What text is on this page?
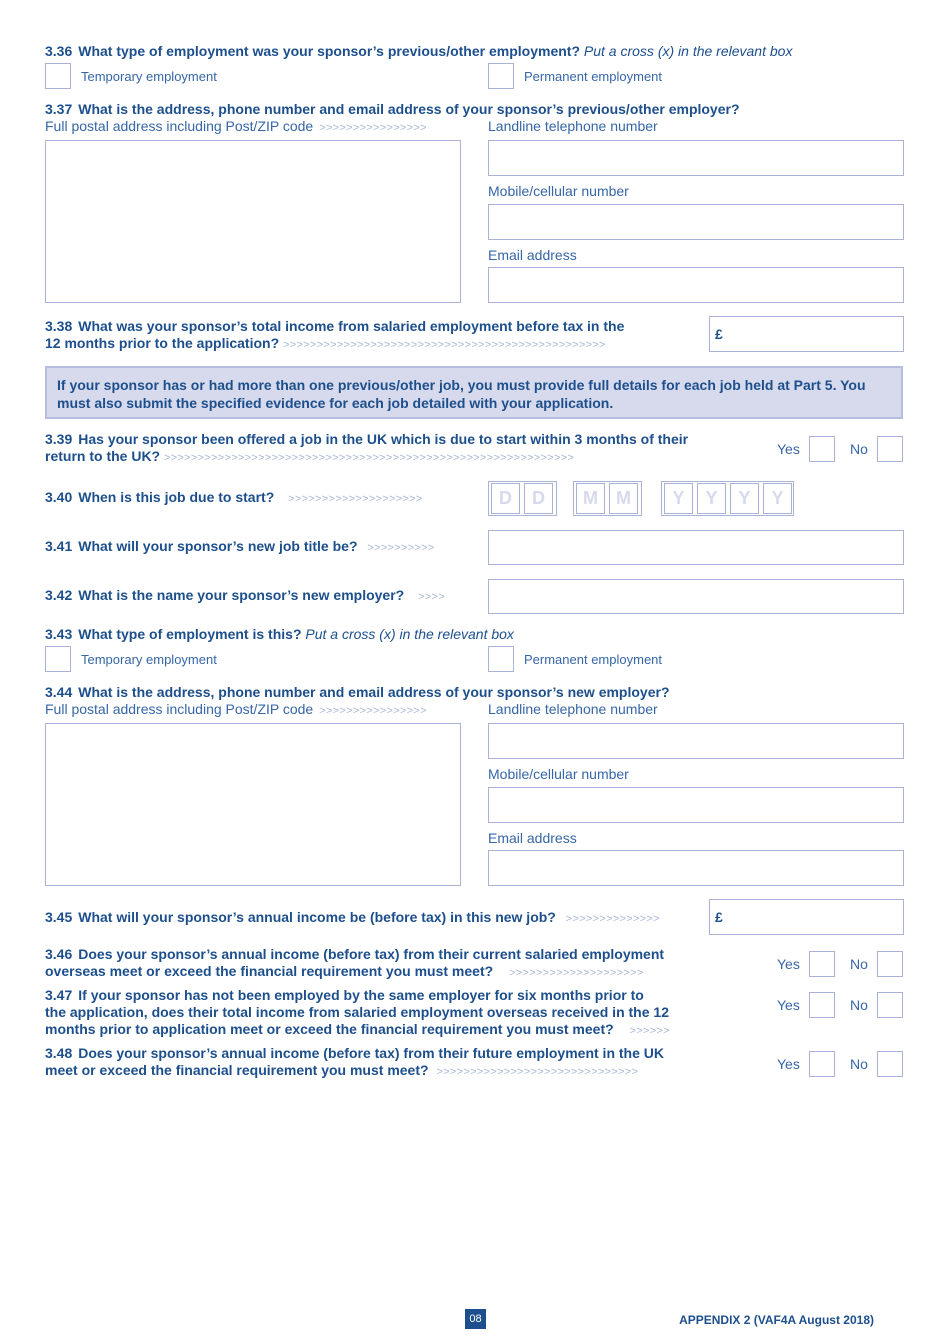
3.36 What type of employment was your sponsor’s previous/other employment? Put a cross (x) in the relevant box
Temporary employment	Permanent employment
3.37 What is the address, phone number and email address of your sponsor’s previous/other employer?
Full postal address including Post/ZIP code >>>>>>>>>>>>>>>>	Landline telephone number
Mobile/cellular number
Email address
3.38 What was your sponsor’s total income from salaried employment before tax in the
12 months prior to the application? >>>>>>>>>>>>>>>>>>>>>>>>>>>>>>>>>>>>>>>>>>>>>>>>
£
If your sponsor has or had more than one previous/other job, you must provide full details for each job held at Part 5. You must also submit the specified evidence for each job detailed with your application.
3.39 Has your sponsor been offered a job in the UK which is due to start within 3 months of their
return to the UK? >>>>>>>>>>>>>>>>>>>>>>>>>>>>>>>>>>>>>>>>>>>>>>>>>>>>>>>>>>>>>
Yes	No
3.40 When is this job due to start? >>>>>>>>>>>>>>>>>>>>	D	D	M	M	Y	Y	Y	Y
3.41 What will your sponsor’s new job title be? >>>>>>>>>>
3.42 What is the name your sponsor’s new employer? >>>>
3.43 What type of employment is this? Put a cross (x) in the relevant box
Temporary employment	Permanent employment
3.44 What is the address, phone number and email address of your sponsor’s new employer?
Full postal address including Post/ZIP code >>>>>>>>>>>>>>>>	Landline telephone number
Mobile/cellular number
Email address
3.45 What will your sponsor’s annual income be (before tax) in this new job? >>>>>>>>>>>>>>	£
3.46 Does your sponsor’s annual income (before tax) from their current salaried employment
overseas meet or exceed the financial requirement you must meet? >>>>>>>>>>>>>>>>>>>>
Yes	No
3.47 If your sponsor has not been employed by the same employer for six months prior to
the application, does their total income from salaried employment overseas received in the 12
months prior to application meet or exceed the financial requirement you must meet? >>>>>>
Yes	No
3.48 Does your sponsor’s annual income (before tax) from their future employment in the UK
meet or exceed the financial requirement you must meet? >>>>>>>>>>>>>>>>>>>>>>>>>>>>>>	Yes	No
08	APPENDIX 2 (VAF4A August 2018)
